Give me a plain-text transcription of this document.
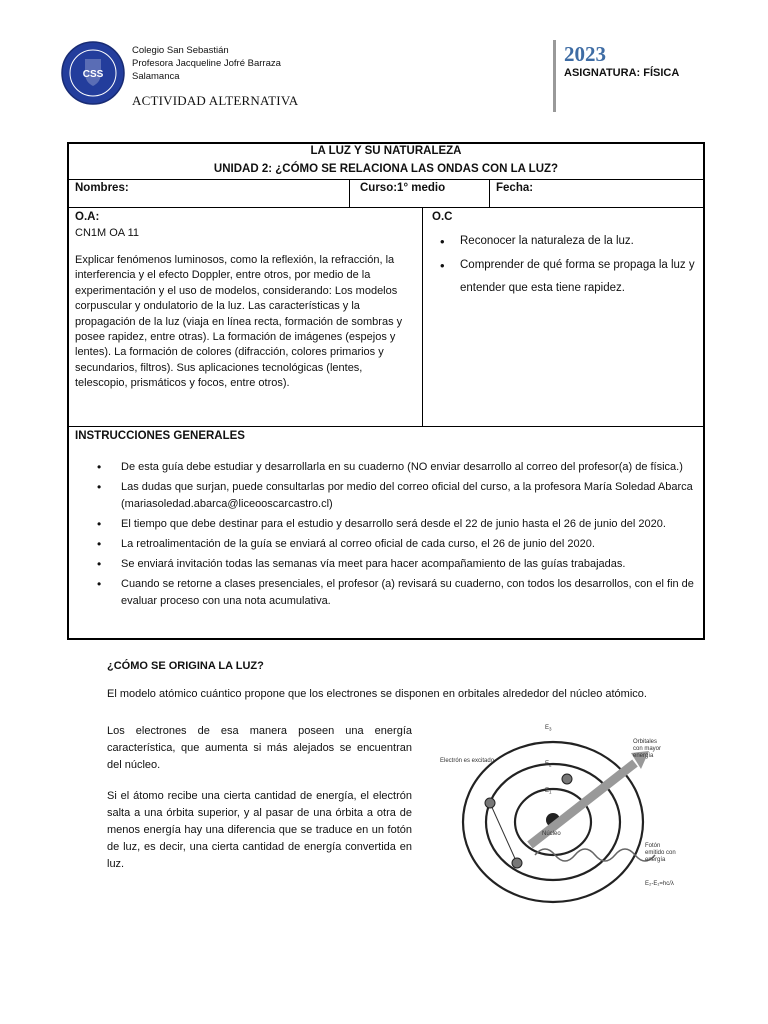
CSS
Colegio San Sebastián
Profesora Jacqueline Jofré Barraza
Salamanca
ACTIVIDAD ALTERNATIVA
2023
ASIGNATURA: FÍSICA
LA LUZ Y SU NATURALEZA
UNIDAD 2: ¿CÓMO SE RELACIONA LAS ONDAS CON LA LUZ?
Nombres:	Curso:1° medio	Fecha:
O.A:
CN1M OA 11
Explicar fenómenos luminosos, como la reflexión, la refracción, la interferencia y el efecto Doppler, entre otros, por medio de la experimentación y el uso de modelos, considerando: Los modelos corpuscular y ondulatorio de la luz. Las características y la propagación de la luz (viaja en línea recta, formación de sombras y posee rapidez, entre otras). La formación de imágenes (espejos y lentes). La formación de colores (difracción, colores primarios y secundarios, filtros). Sus aplicaciones tecnológicas (lentes, telescopio, prismáticos y focos, entre otros).
O.C
• Reconocer la naturaleza de la luz.
• Comprender de qué forma se propaga la luz y entender que esta tiene rapidez.
INSTRUCCIONES GENERALES
• De esta guía debe estudiar y desarrollarla en su cuaderno (NO enviar desarrollo al correo del profesor(a) de física.)
• Las dudas que surjan, puede consultarlas por medio del correo oficial del curso, a la profesora María Soledad Abarca (mariasoledad.abarca@liceooscarcastro.cl)
• El tiempo que debe destinar para el estudio y desarrollo será desde el 22 de junio hasta el 26 de junio del 2020.
• La retroalimentación de la guía se enviará al correo oficial de cada curso, el 26 de junio del 2020.
• Se enviará invitación todas las semanas vía meet para hacer acompañamiento de las guías trabajadas.
• Cuando se retorne a clases presenciales, el profesor (a) revisará su cuaderno, con todos los desarrollos, con el fin de evaluar proceso con una nota acumulativa.
¿CÓMO SE ORIGINA LA LUZ?
El modelo atómico cuántico propone que los electrones se disponen en orbitales alrededor del núcleo atómico.
Los electrones de esa manera poseen una energía característica, que aumenta si más alejados se encuentran del núcleo.
Si el átomo recibe una cierta cantidad de energía, el electrón salta a una órbita superior, y al pasar de una órbita a otra de menos energía hay una diferencia que se traduce en un fotón de luz, es decir, una cierta cantidad de energía convertida en luz.
$E_3$
$E_2$
$E_1$
Electrón es excitado
Núcleo
Orbitales con mayor energía
Fotón emitido con energía
E₂-E₁=hc/λ
